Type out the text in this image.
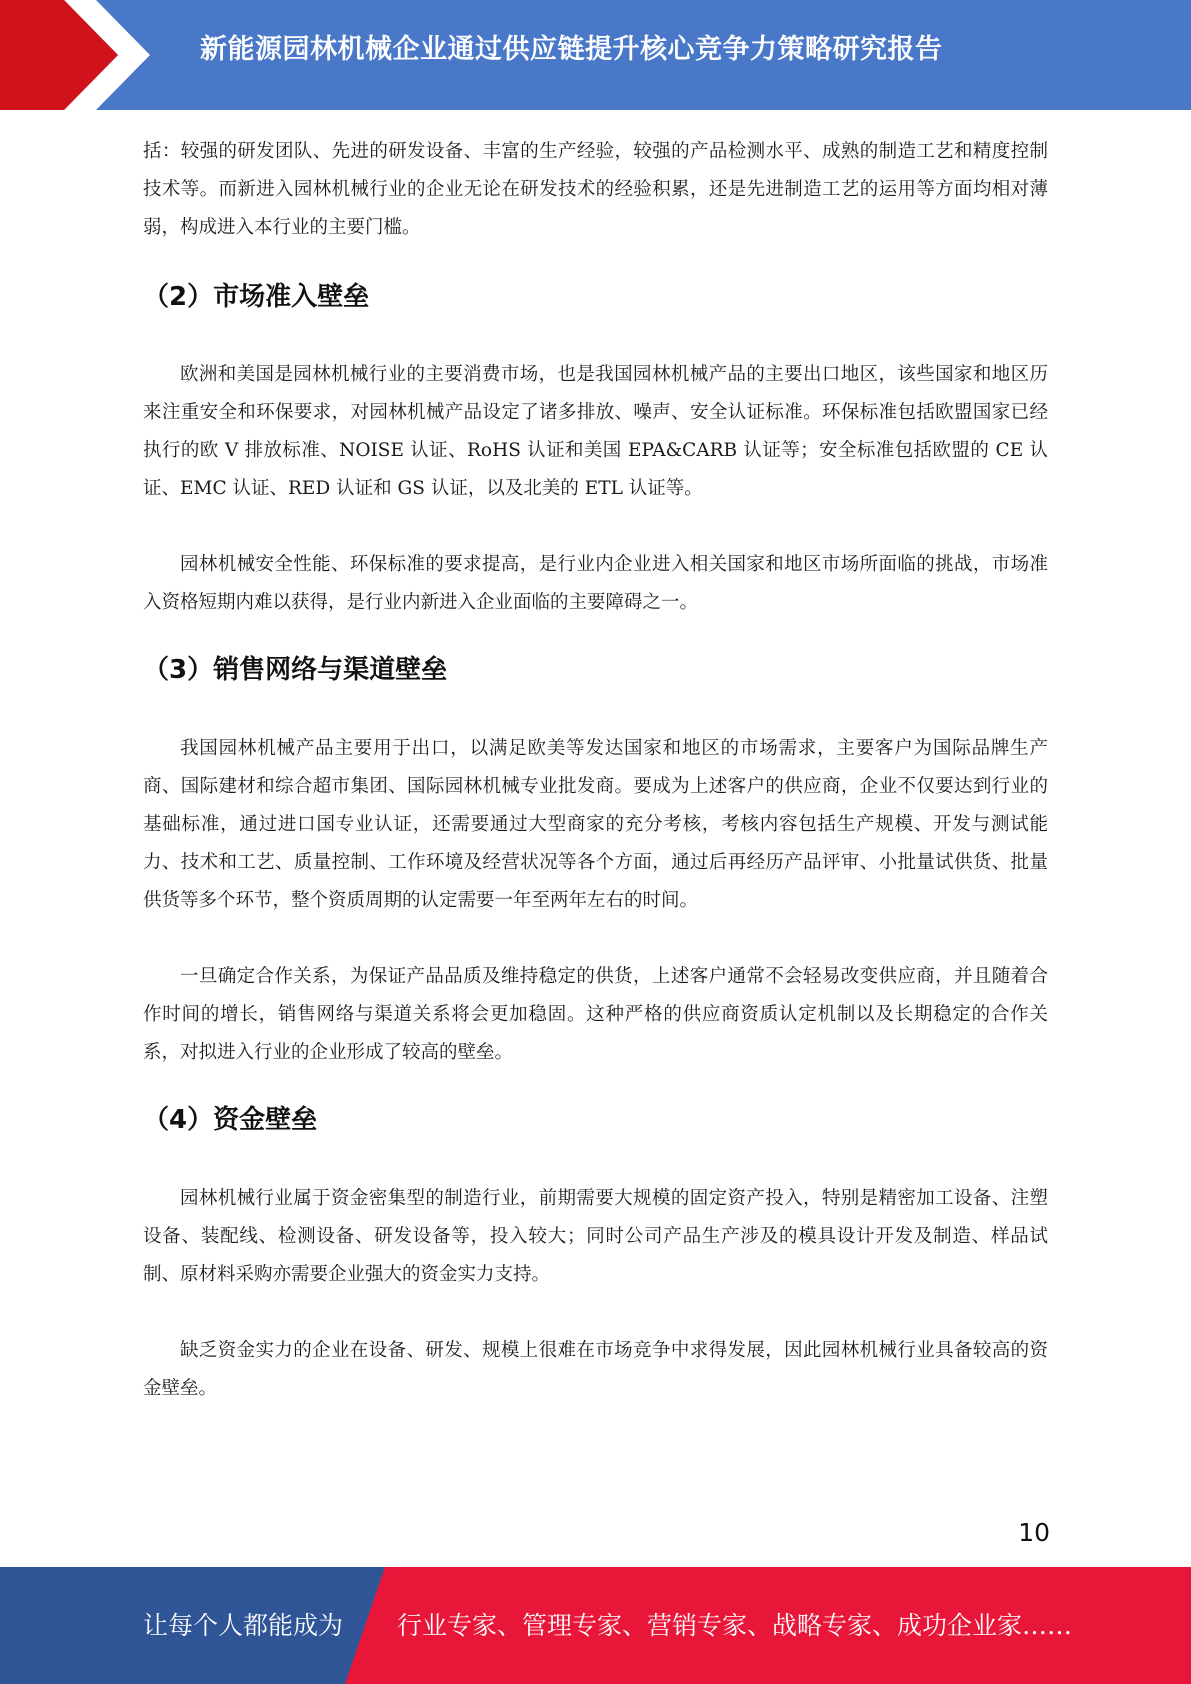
新能源园林机械企业通过供应链提升核心竞争力策略研究报告

括：较强的研发团队、先进的研发设备、丰富的生产经验，较强的产品检测水平、成熟的制造工艺和精度控制技术等。而新进入园林机械行业的企业无论在研发技术的经验积累，还是先进制造工艺的运用等方面均相对薄弱，构成进入本行业的主要门槛。

（2）市场准入壁垒

欧洲和美国是园林机械行业的主要消费市场，也是我国园林机械产品的主要出口地区，该些国家和地区历来注重安全和环保要求，对园林机械产品设定了诸多排放、噪声、安全认证标准。环保标准包括欧盟国家已经执行的欧 V 排放标准、NOISE 认证、RoHS 认证和美国 EPA&CARB 认证等；安全标准包括欧盟的 CE 认证、EMC 认证、RED 认证和 GS 认证，以及北美的 ETL 认证等。

园林机械安全性能、环保标准的要求提高，是行业内企业进入相关国家和地区市场所面临的挑战，市场准入资格短期内难以获得，是行业内新进入企业面临的主要障碍之一。

（3）销售网络与渠道壁垒

我国园林机械产品主要用于出口，以满足欧美等发达国家和地区的市场需求，主要客户为国际品牌生产商、国际建材和综合超市集团、国际园林机械专业批发商。要成为上述客户的供应商，企业不仅要达到行业的基础标准，通过进口国专业认证，还需要通过大型商家的充分考核，考核内容包括生产规模、开发与测试能力、技术和工艺、质量控制、工作环境及经营状况等各个方面，通过后再经历产品评审、小批量试供货、批量供货等多个环节，整个资质周期的认定需要一年至两年左右的时间。

一旦确定合作关系，为保证产品品质及维持稳定的供货，上述客户通常不会轻易改变供应商，并且随着合作时间的增长，销售网络与渠道关系将会更加稳固。这种严格的供应商资质认定机制以及长期稳定的合作关系，对拟进入行业的企业形成了较高的壁垒。

（4）资金壁垒

园林机械行业属于资金密集型的制造行业，前期需要大规模的固定资产投入，特别是精密加工设备、注塑设备、装配线、检测设备、研发设备等，投入较大；同时公司产品生产涉及的模具设计开发及制造、样品试制、原材料采购亦需要企业强大的资金实力支持。

缺乏资金实力的企业在设备、研发、规模上很难在市场竞争中求得发展，因此园林机械行业具备较高的资金壁垒。

10
让每个人都能成为 行业专家、管理专家、营销专家、战略专家、成功企业家……
